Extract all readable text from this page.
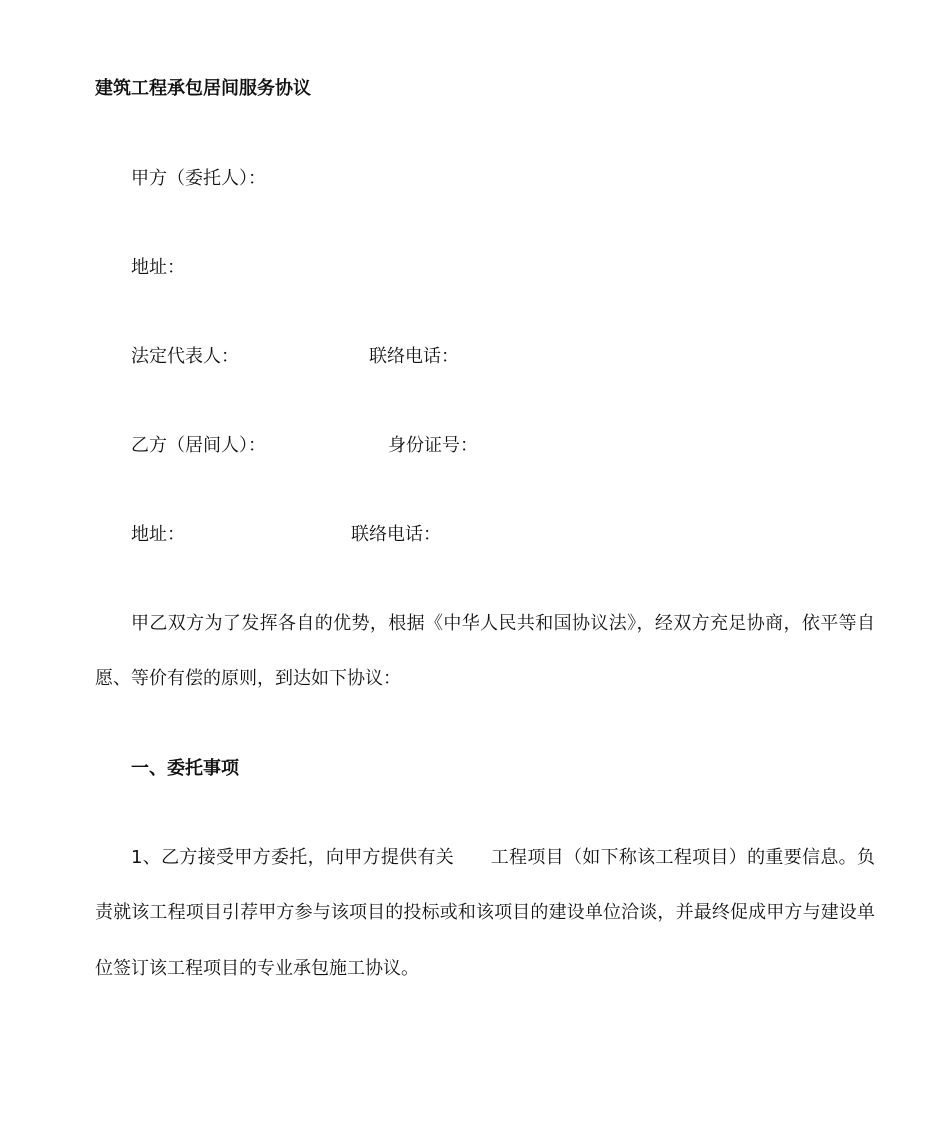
建筑工程承包居间服务协议
甲方（委托人）：
地址：
法定代表人：	联络电话：
乙方（居间人）：	身份证号：
地址：	联络电话：
甲乙双方为了发挥各自的优势，根据《中华人民共和国协议法》，经双方充足协商，依平等自
愿、等价有偿的原则，到达如下协议：
一、委托事项
1、乙方接受甲方委托，向甲方提供有关　　工程项目（如下称该工程项目）的重要信息。负
责就该工程项目引荐甲方参与该项目的投标或和该项目的建设单位洽谈，并最终促成甲方与建设单
位签订该工程项目的专业承包施工协议。
